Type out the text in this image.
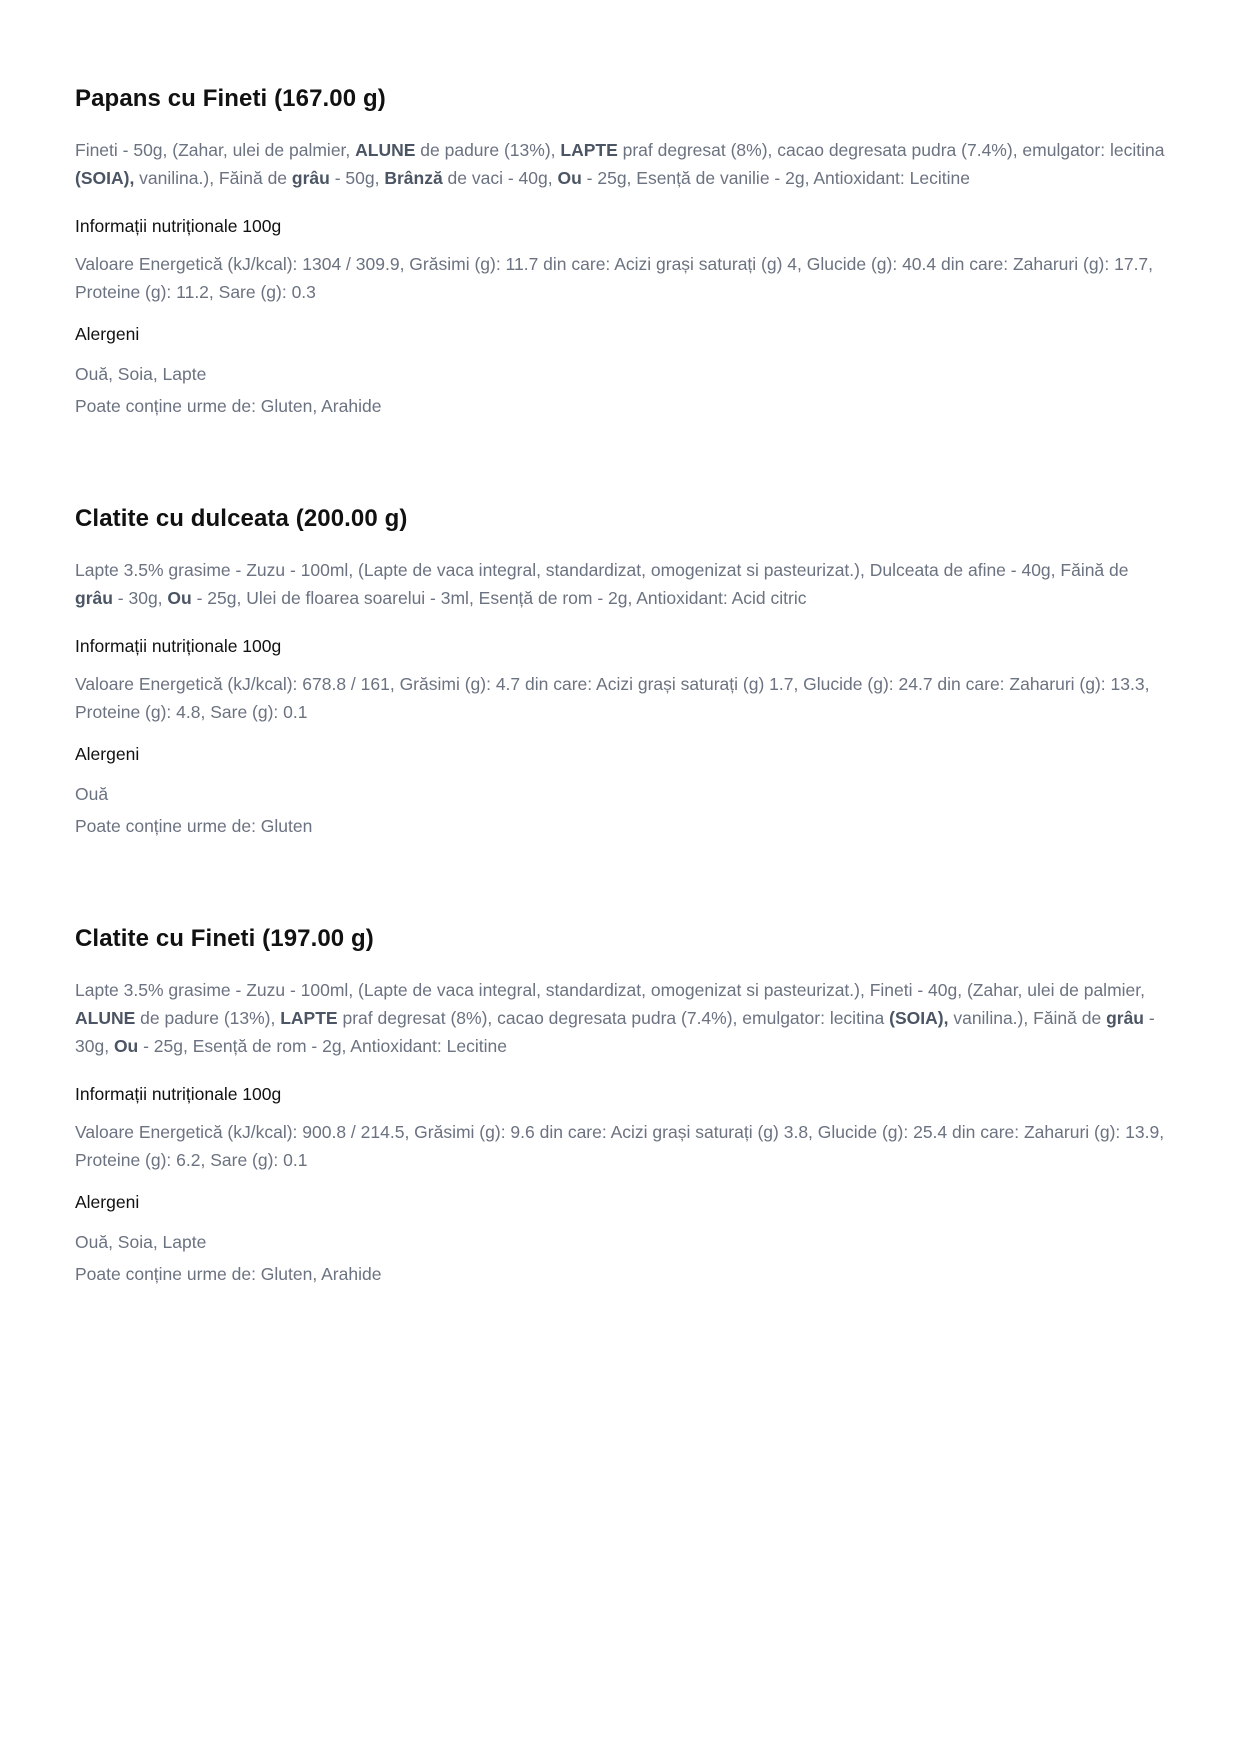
Papans cu Fineti (167.00 g)

Fineti - 50g, (Zahar, ulei de palmier, ALUNE de padure (13%), LAPTE praf degresat (8%), cacao degresata pudra (7.4%), emulgator: lecitina (SOIA), vanilina.), Făină de grâu - 50g, Brânză de vaci - 40g, Ou - 25g, Esență de vanilie - 2g, Antioxidant: Lecitine

Informații nutriționale 100g

Valoare Energetică (kJ/kcal): 1304 / 309.9, Grăsimi (g): 11.7 din care: Acizi grași saturați (g) 4, Glucide (g): 40.4 din care: Zaharuri (g): 17.7, Proteine (g): 11.2, Sare (g): 0.3

Alergeni
Ouă, Soia, Lapte
Poate conține urme de: Gluten, Arahide
Clatite cu dulceata (200.00 g)

Lapte 3.5% grasime - Zuzu - 100ml, (Lapte de vaca integral, standardizat, omogenizat si pasteurizat.), Dulceata de afine - 40g, Făină de grâu - 30g, Ou - 25g, Ulei de floarea soarelui - 3ml, Esență de rom - 2g, Antioxidant: Acid citric

Informații nutriționale 100g

Valoare Energetică (kJ/kcal): 678.8 / 161, Grăsimi (g): 4.7 din care: Acizi grași saturați (g) 1.7, Glucide (g): 24.7 din care: Zaharuri (g): 13.3, Proteine (g): 4.8, Sare (g): 0.1

Alergeni
Ouă
Poate conține urme de: Gluten
Clatite cu Fineti (197.00 g)

Lapte 3.5% grasime - Zuzu - 100ml, (Lapte de vaca integral, standardizat, omogenizat si pasteurizat.), Fineti - 40g, (Zahar, ulei de palmier, ALUNE de padure (13%), LAPTE praf degresat (8%), cacao degresata pudra (7.4%), emulgator: lecitina (SOIA), vanilina.), Făină de grâu - 30g, Ou - 25g, Esență de rom - 2g, Antioxidant: Lecitine

Informații nutriționale 100g

Valoare Energetică (kJ/kcal): 900.8 / 214.5, Grăsimi (g): 9.6 din care: Acizi grași saturați (g) 3.8, Glucide (g): 25.4 din care: Zaharuri (g): 13.9, Proteine (g): 6.2, Sare (g): 0.1

Alergeni
Ouă, Soia, Lapte
Poate conține urme de: Gluten, Arahide
